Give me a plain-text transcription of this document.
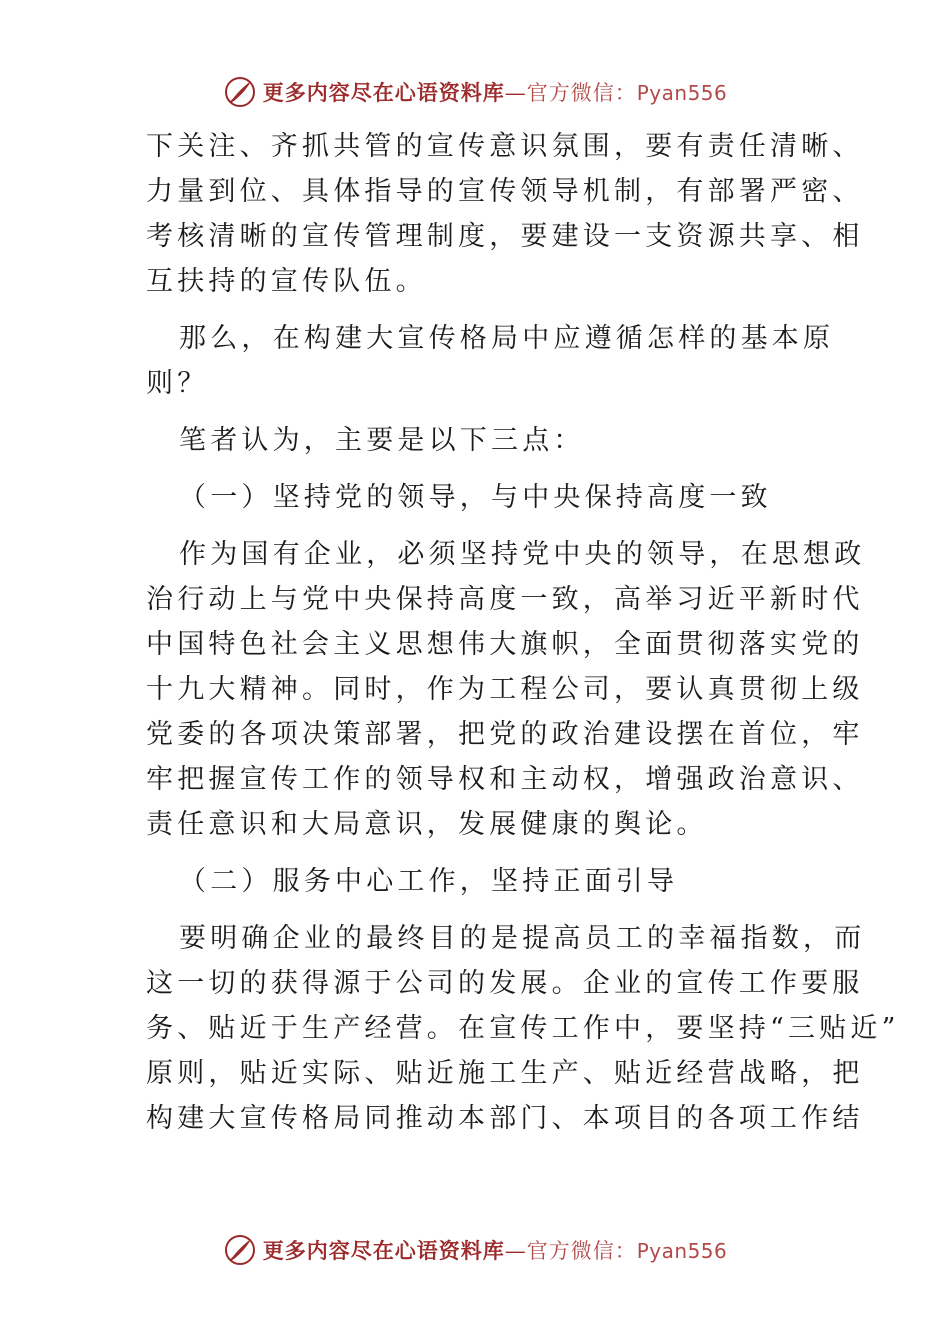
更多内容尽在心语资料库—官方微信：Pyan556
下关注、齐抓共管的宣传意识氛围，要有责任清晰、
力量到位、具体指导的宣传领导机制，有部署严密、
考核清晰的宣传管理制度，要建设一支资源共享、相
互扶持的宣传队伍。
那么，在构建大宣传格局中应遵循怎样的基本原
则？
笔者认为，主要是以下三点：
（一）坚持党的领导，与中央保持高度一致
作为国有企业，必须坚持党中央的领导，在思想政
治行动上与党中央保持高度一致，高举习近平新时代
中国特色社会主义思想伟大旗帜，全面贯彻落实党的
十九大精神。同时，作为工程公司，要认真贯彻上级
党委的各项决策部署，把党的政治建设摆在首位，牢
牢把握宣传工作的领导权和主动权，增强政治意识、
责任意识和大局意识，发展健康的舆论。
（二）服务中心工作，坚持正面引导
要明确企业的最终目的是提高员工的幸福指数，而
这一切的获得源于公司的发展。企业的宣传工作要服
务、贴近于生产经营。在宣传工作中，要坚持“三贴近”
原则，贴近实际、贴近施工生产、贴近经营战略，把
构建大宣传格局同推动本部门、本项目的各项工作结
更多内容尽在心语资料库—官方微信：Pyan556
